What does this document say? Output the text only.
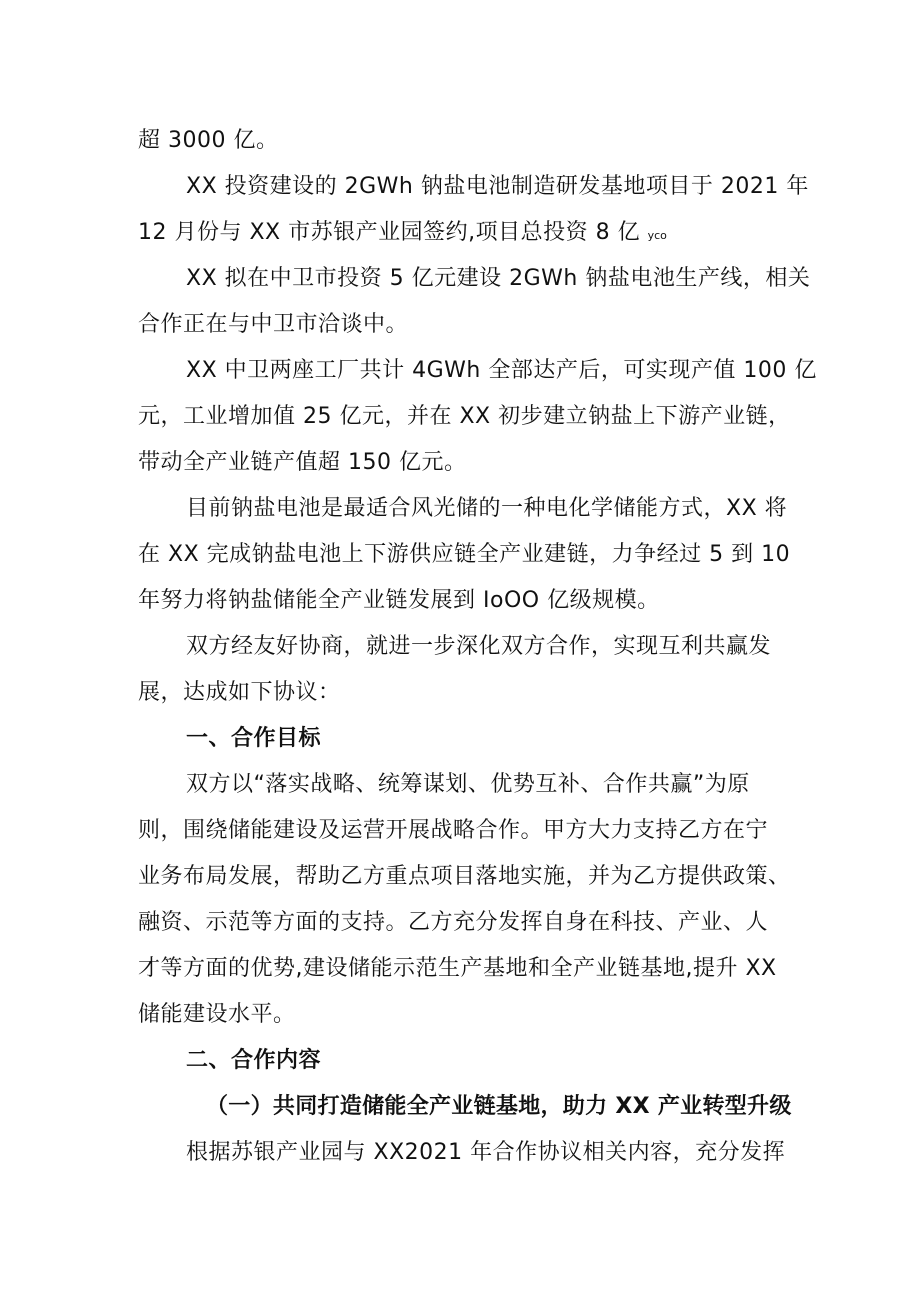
超 3000 亿。
XX 投资建设的 2GWh 钠盐电池制造研发基地项目于 2021 年
12 月份与 XX 市苏银产业园签约,项目总投资 8 亿 yco
XX 拟在中卫市投资 5 亿元建设 2GWh 钠盐电池生产线，相关
合作正在与中卫市洽谈中。
XX 中卫两座工厂共计 4GWh 全部达产后，可实现产值 100 亿
元，工业增加值 25 亿元，并在 XX 初步建立钠盐上下游产业链，
带动全产业链产值超 150 亿元。
目前钠盐电池是最适合风光储的一种电化学储能方式，XX 将
在 XX 完成钠盐电池上下游供应链全产业建链，力争经过 5 到 10
年努力将钠盐储能全产业链发展到 IoOO 亿级规模。
双方经友好协商，就进一步深化双方合作，实现互利共赢发
展，达成如下协议：
一、合作目标
双方以“落实战略、统筹谋划、优势互补、合作共赢”为原
则，围绕储能建设及运营开展战略合作。甲方大力支持乙方在宁
业务布局发展，帮助乙方重点项目落地实施，并为乙方提供政策、
融资、示范等方面的支持。乙方充分发挥自身在科技、产业、人
才等方面的优势,建设储能示范生产基地和全产业链基地,提升 XX
储能建设水平。
二、合作内容
（一）共同打造储能全产业链基地，助力 XX 产业转型升级
根据苏银产业园与 XX2021 年合作协议相关内容，充分发挥
